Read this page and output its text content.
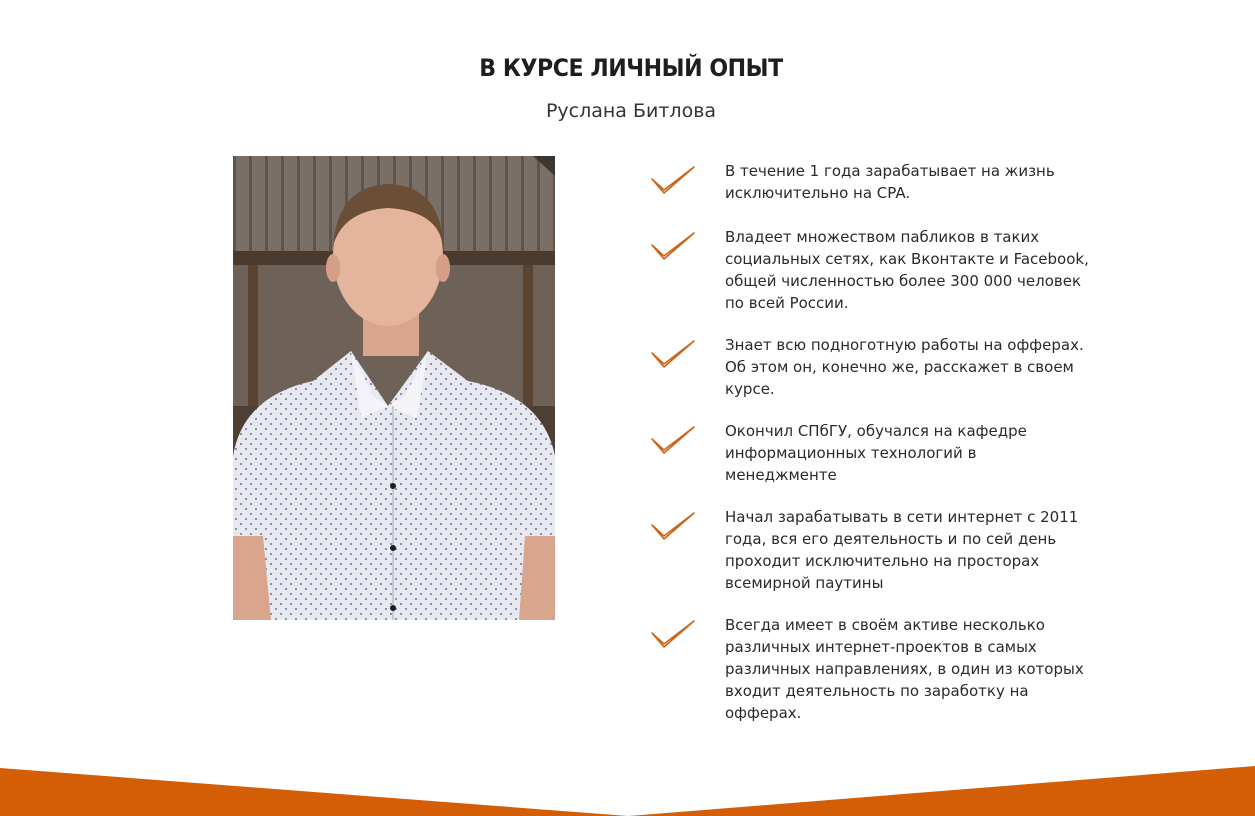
В КУРСЕ ЛИЧНЫЙ ОПЫТ
Руслана Битлова
В течение 1 года зарабатывает на жизнь исключительно на CPA.
Владеет множеством пабликов в таких социальных сетях, как Вконтакте и Facebook, общей численностью более 300 000 человек по всей России.
Знает всю подноготную работы на офферах. Об этом он, конечно же, расскажет в своем курсе.
Окончил СПбГУ, обучался на кафедре информационных технологий в менеджменте
Начал зарабатывать в сети интернет с 2011 года, вся его деятельность и по сей день проходит исключительно на просторах всемирной паутины
Всегда имеет в своём активе несколько различных интернет-проектов в самых различных направлениях, в один из которых входит деятельность по заработку на офферах.
